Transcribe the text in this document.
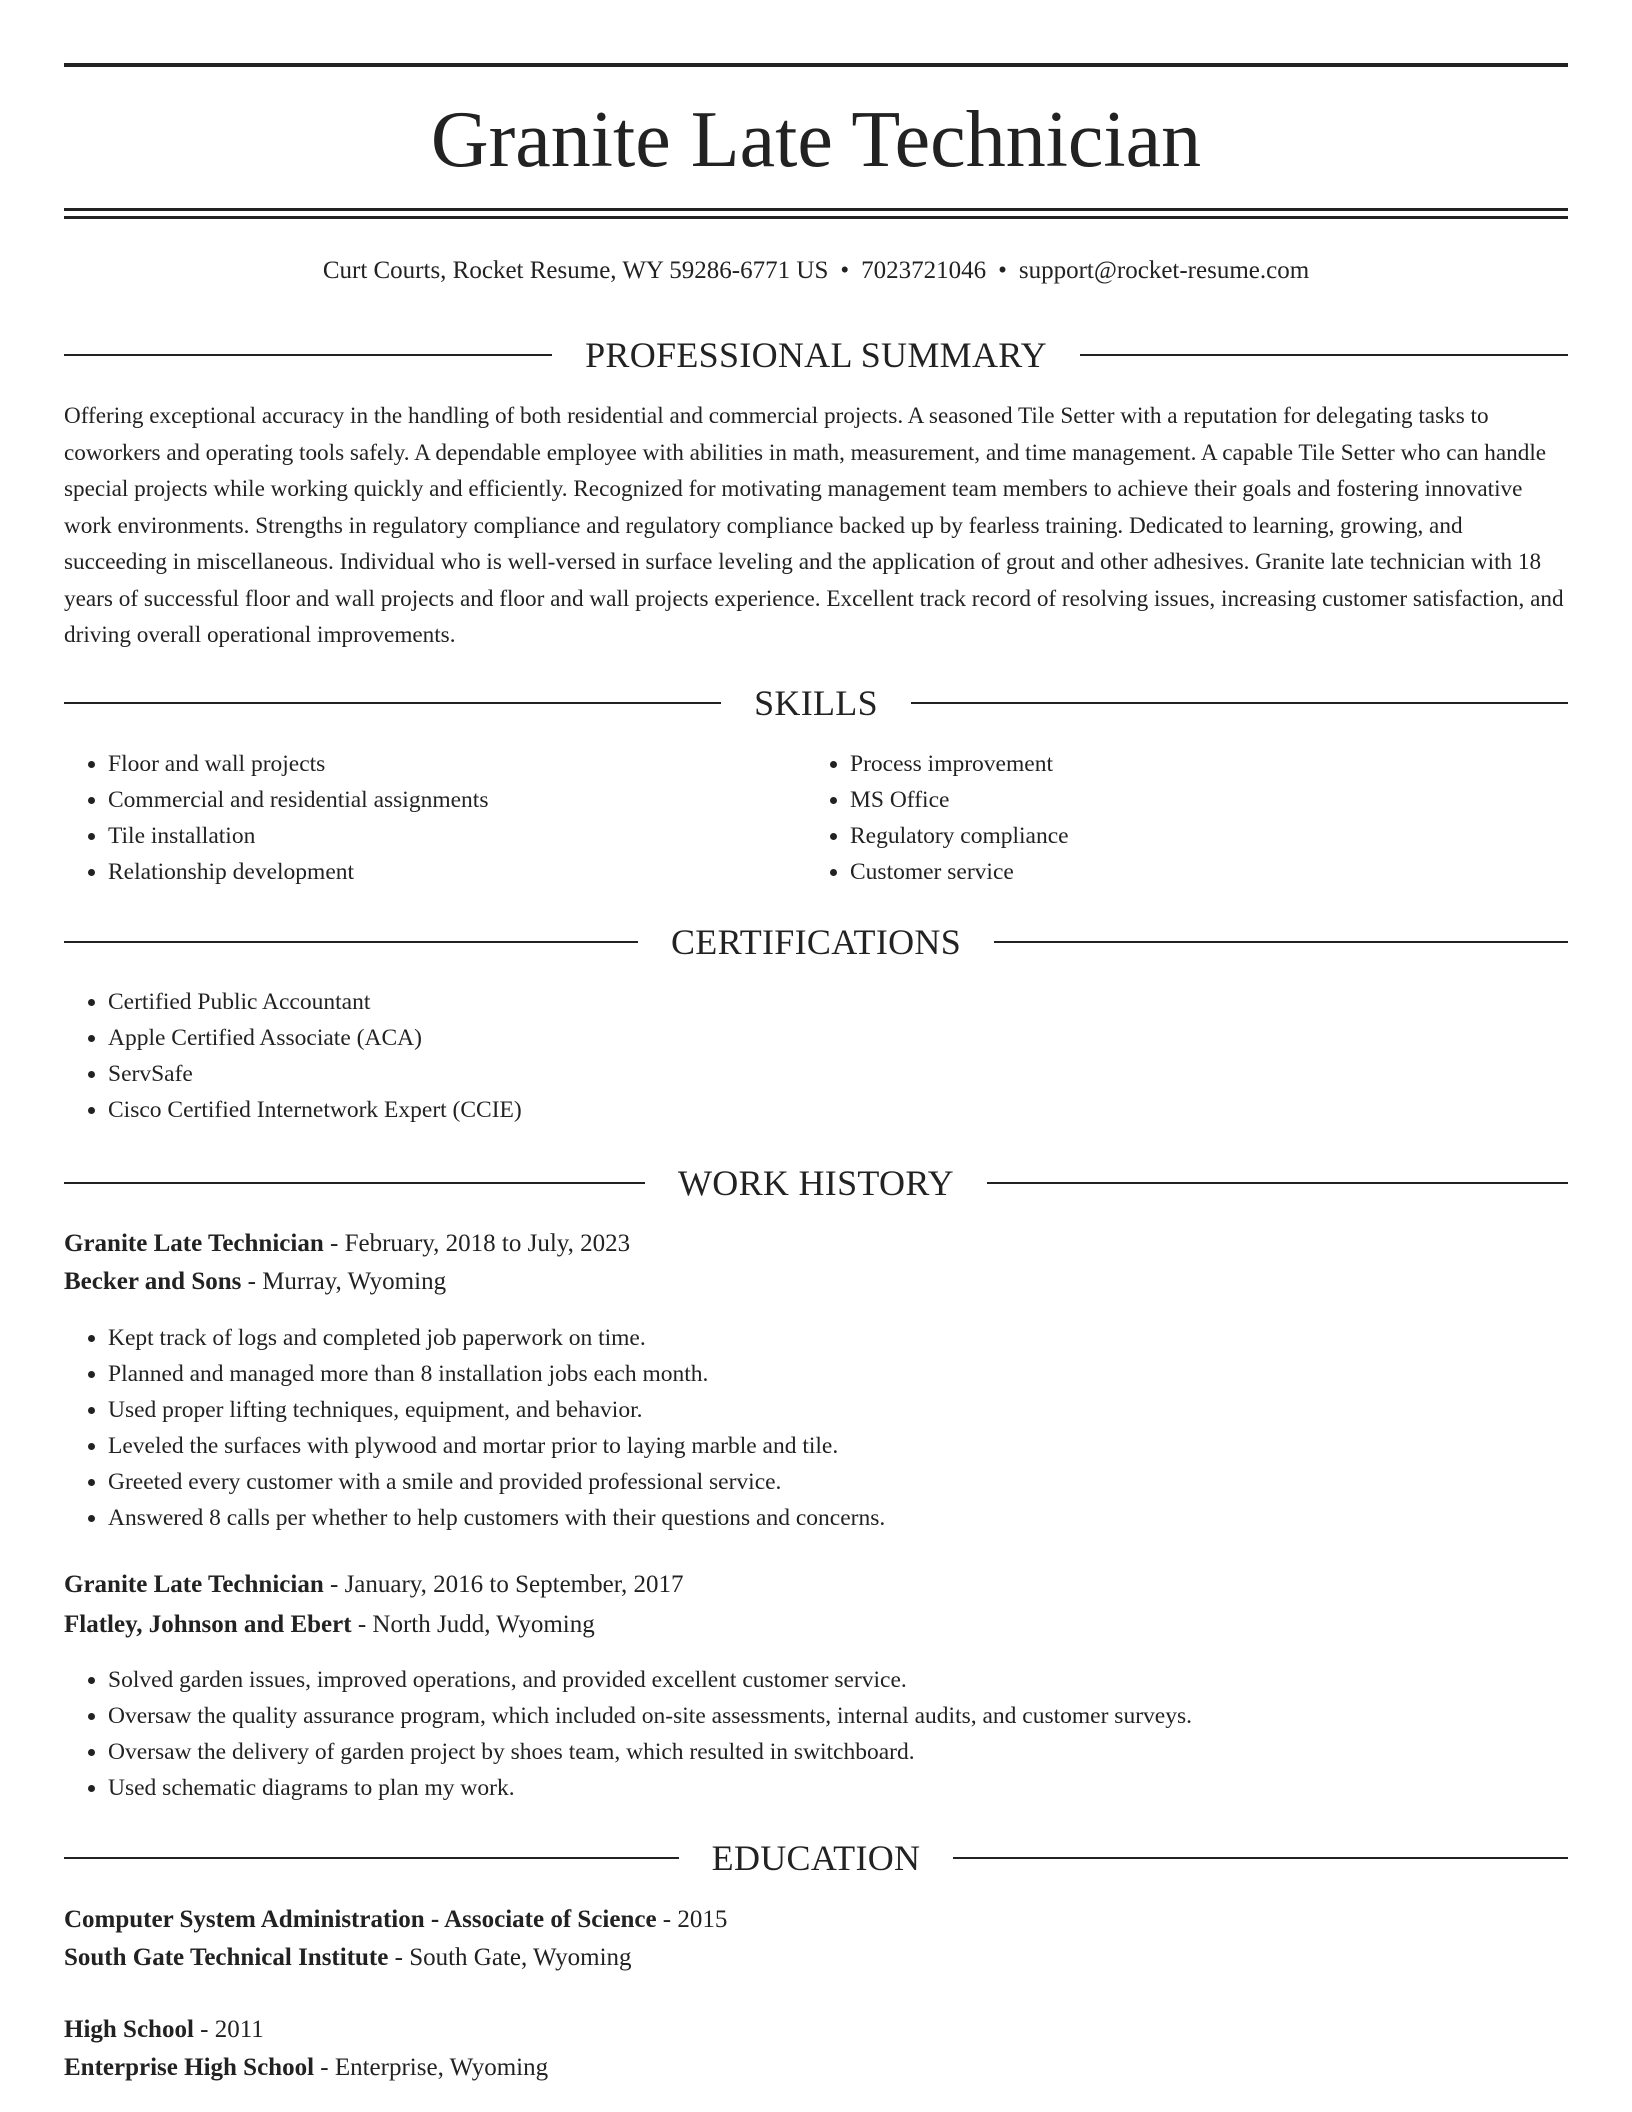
Granite Late Technician
Curt Courts, Rocket Resume, WY 59286-6771 US • 7023721046 • support@rocket-resume.com
PROFESSIONAL SUMMARY

Offering exceptional accuracy in the handling of both residential and commercial projects. A seasoned Tile Setter with a reputation for delegating tasks to coworkers and operating tools safely. A dependable employee with abilities in math, measurement, and time management. A capable Tile Setter who can handle special projects while working quickly and efficiently. Recognized for motivating management team members to achieve their goals and fostering innovative work environments. Strengths in regulatory compliance and regulatory compliance backed up by fearless training. Dedicated to learning, growing, and succeeding in miscellaneous. Individual who is well-versed in surface leveling and the application of grout and other adhesives. Granite late technician with 18 years of successful floor and wall projects and floor and wall projects experience. Excellent track record of resolving issues, increasing customer satisfaction, and driving overall operational improvements.

SKILLS
• Floor and wall projects
• Commercial and residential assignments
• Tile installation
• Relationship development
• Process improvement
• MS Office
• Regulatory compliance
• Customer service
CERTIFICATIONS
• Certified Public Accountant
• Apple Certified Associate (ACA)
• ServSafe
• Cisco Certified Internetwork Expert (CCIE)
WORK HISTORY
Granite Late Technician - February, 2018 to July, 2023
Becker and Sons - Murray, Wyoming
• Kept track of logs and completed job paperwork on time.
• Planned and managed more than 8 installation jobs each month.
• Used proper lifting techniques, equipment, and behavior.
• Leveled the surfaces with plywood and mortar prior to laying marble and tile.
• Greeted every customer with a smile and provided professional service.
• Answered 8 calls per whether to help customers with their questions and concerns.
Granite Late Technician - January, 2016 to September, 2017
Flatley, Johnson and Ebert - North Judd, Wyoming
• Solved garden issues, improved operations, and provided excellent customer service.
• Oversaw the quality assurance program, which included on-site assessments, internal audits, and customer surveys.
• Oversaw the delivery of garden project by shoes team, which resulted in switchboard.
• Used schematic diagrams to plan my work.
EDUCATION
Computer System Administration - Associate of Science - 2015
South Gate Technical Institute - South Gate, Wyoming
High School - 2011
Enterprise High School - Enterprise, Wyoming
